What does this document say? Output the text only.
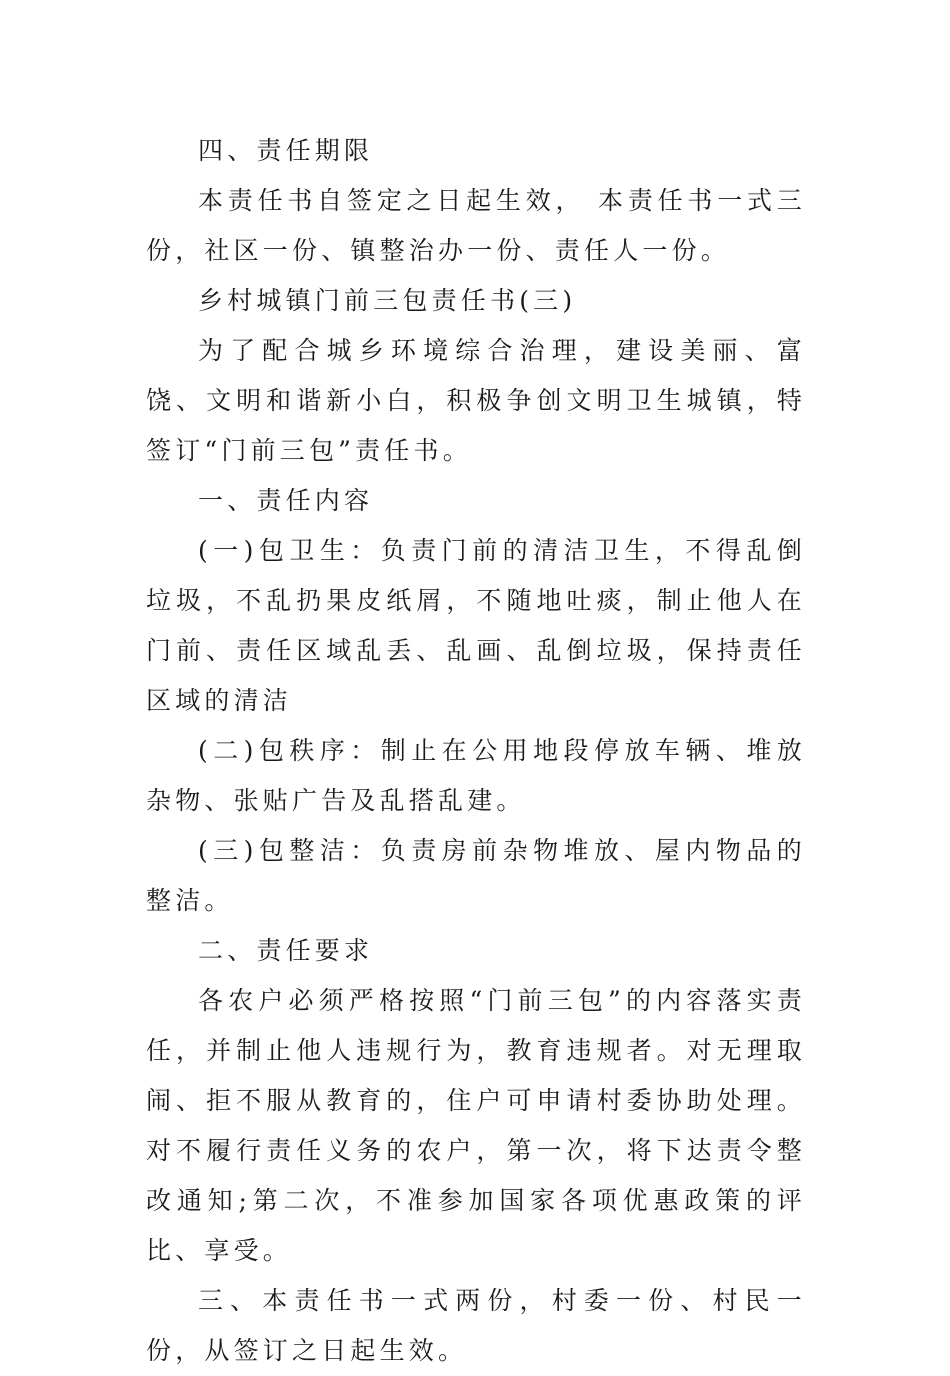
四、责任期限

本责任书自签定之日起生效， 本责任书一式三份，社区一份、镇整治办一份、责任人一份。

乡村城镇门前三包责任书(三)

为了配合城乡环境综合治理，建设美丽、富饶、文明和谐新小白，积极争创文明卫生城镇，特签订“门前三包”责任书。

一、责任内容

(一)包卫生：负责门前的清洁卫生，不得乱倒垃圾，不乱扔果皮纸屑，不随地吐痰，制止他人在门前、责任区域乱丢、乱画、乱倒垃圾，保持责任区域的清洁

(二)包秩序：制止在公用地段停放车辆、堆放杂物、张贴广告及乱搭乱建。

(三)包整洁：负责房前杂物堆放、屋内物品的整洁。

二、责任要求

各农户必须严格按照“门前三包”的内容落实责任，并制止他人违规行为，教育违规者。对无理取闹、拒不服从教育的，住户可申请村委协助处理。对不履行责任义务的农户，第一次，将下达责令整改通知;第二次，不准参加国家各项优惠政策的评比、享受。

三、本责任书一式两份，村委一份、村民一份，从签订之日起生效。
